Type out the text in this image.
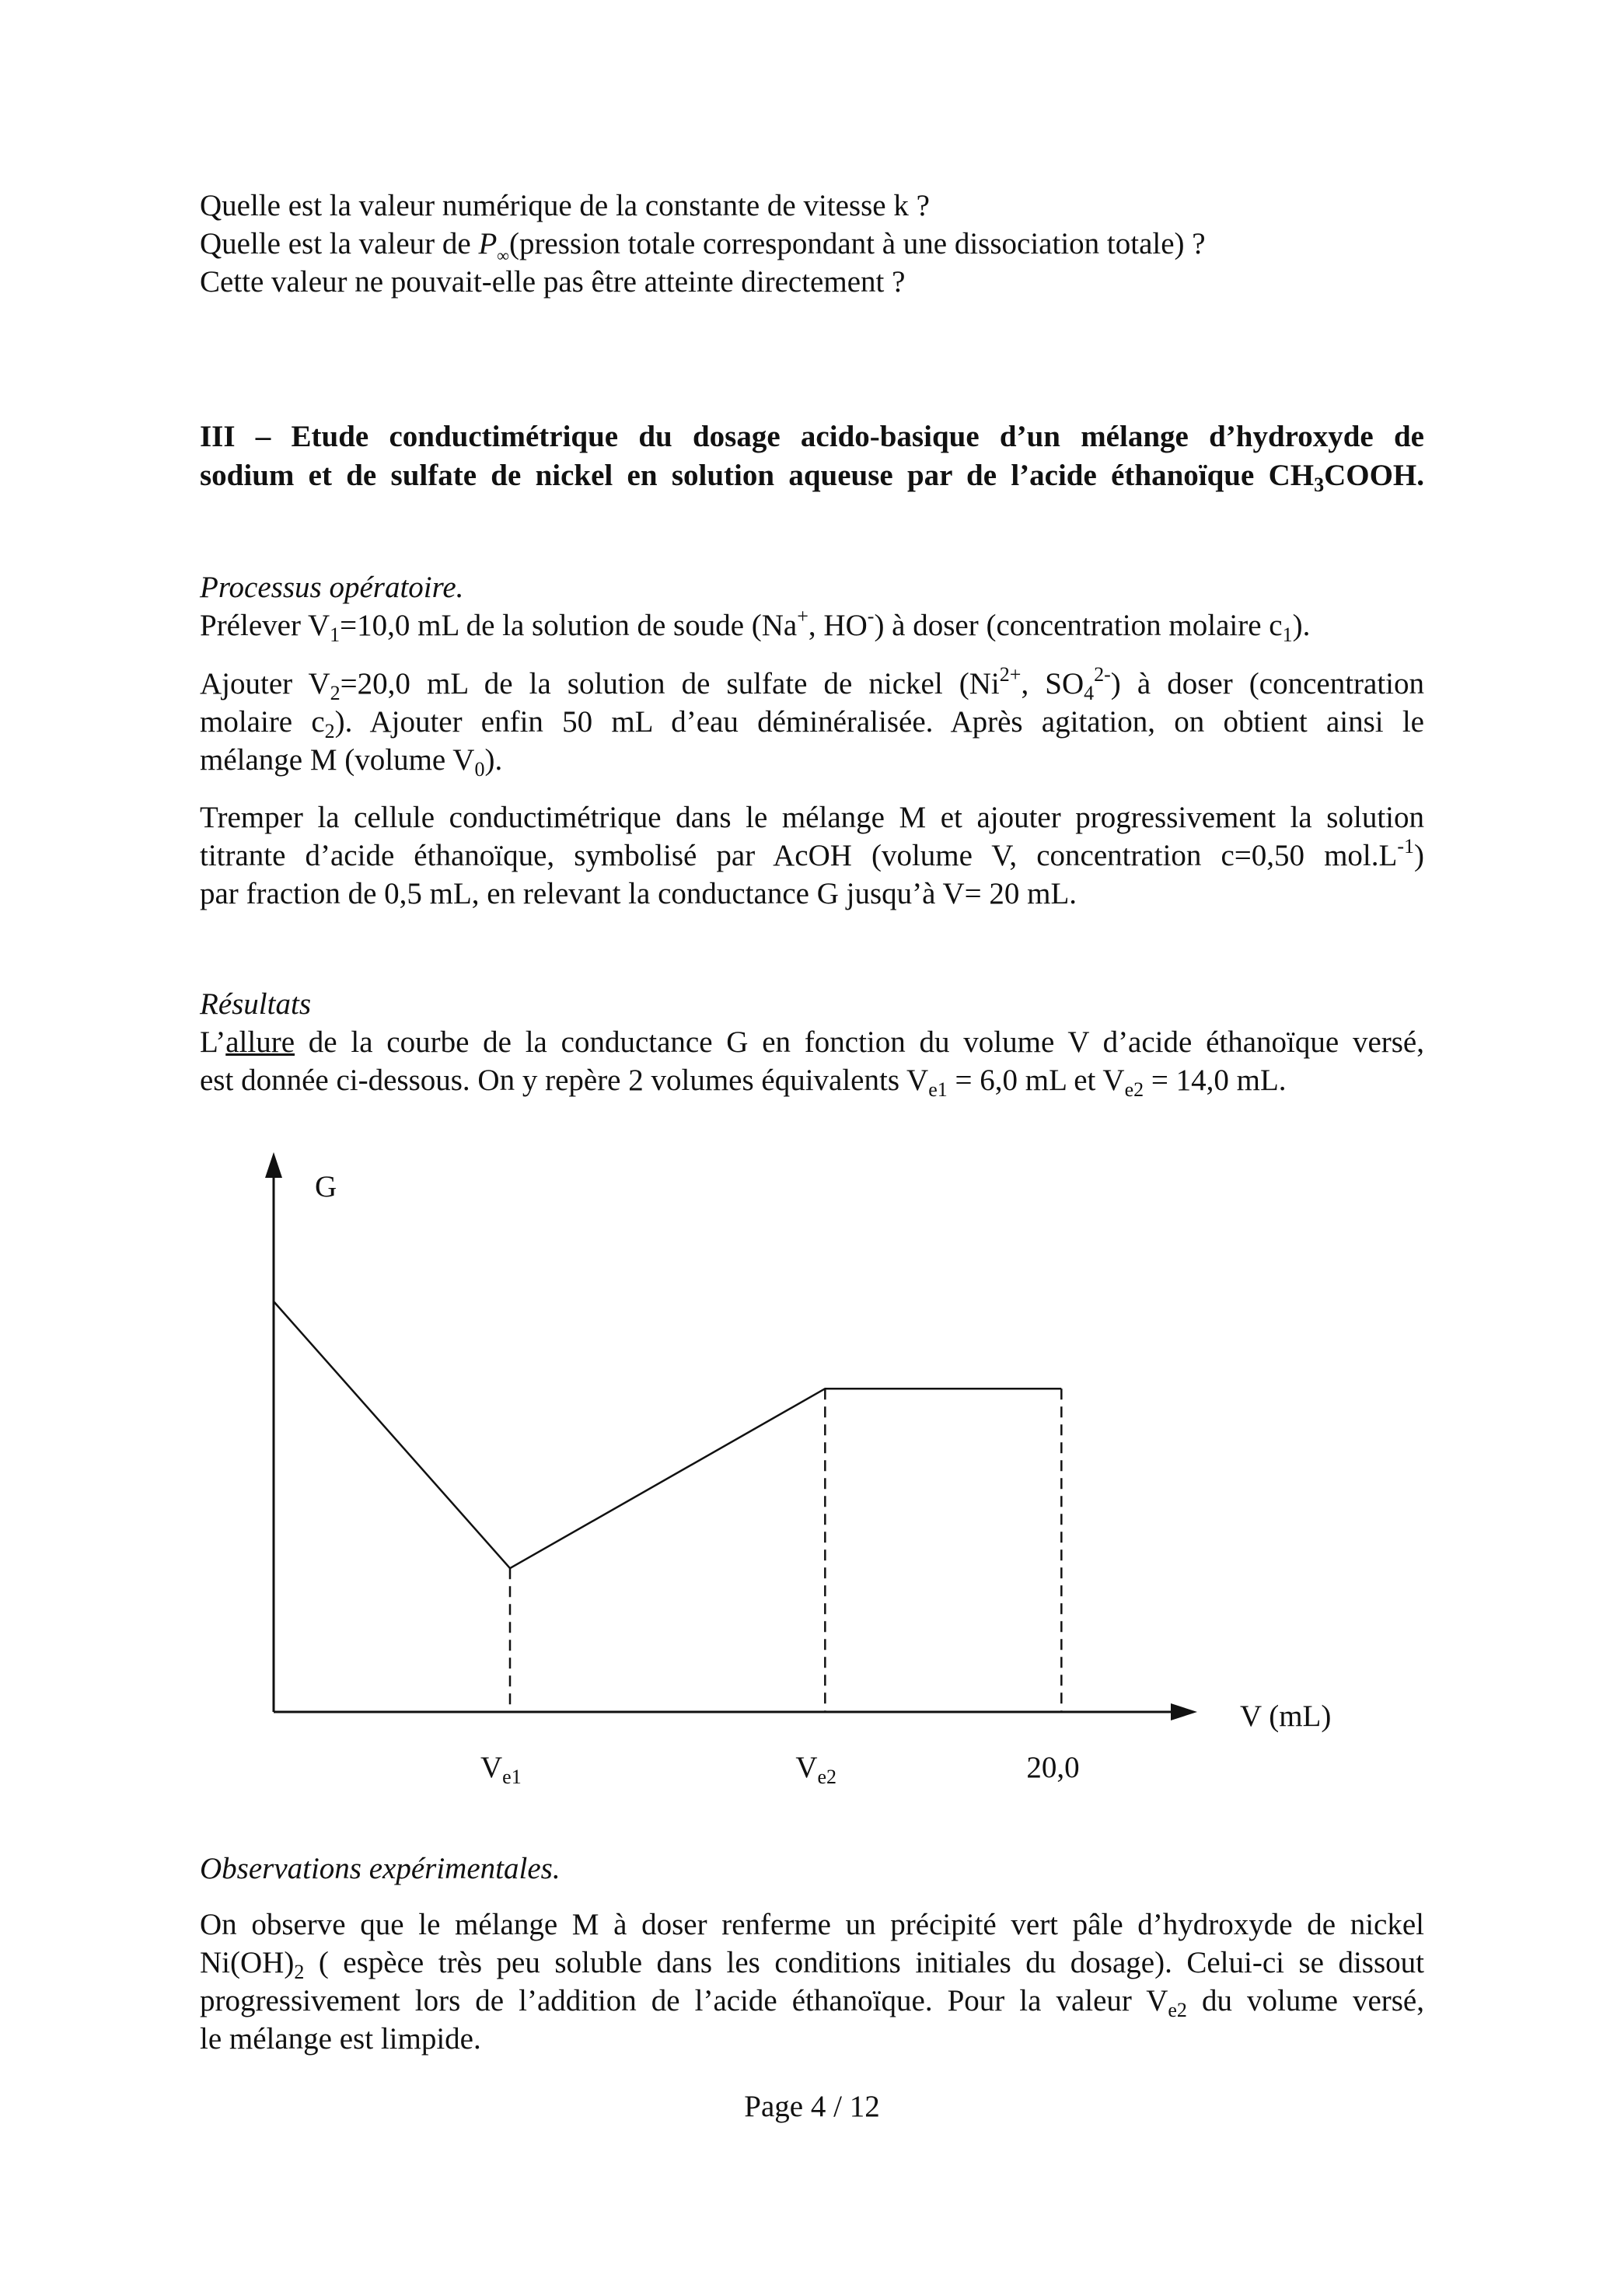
Quelle est la valeur numérique de la constante de vitesse k ?
Quelle est la valeur de $P_\infty(pression$ totale correspondant à une dissociation totale) ?
Cette valeur ne pouvait-elle pas être atteinte directement ?
III – Etude conductimétrique du dosage acido-basique d’un mélange d’hydroxyde de
sodium et de sulfate de nickel en solution aqueuse par de l’acide éthanoïque $CH_3COOH$.
Processus opératoire.
Prélever $V_1=10,0$ mL de la solution de soude (Na+, HO-) à doser (concentration molaire $c_1$).
Ajouter $V_2=20,0$ mL de la solution de sulfate de nickel ($Ni^{2+}$, $SO_4^{2-}$) à doser (concentration
molaire $c_2$). Ajouter enfin 50 mL d’eau déminéralisée. Après agitation, on obtient ainsi le
mélange M (volume $V_0$).
Tremper la cellule conductimétrique dans le mélange M et ajouter progressivement la solution
titrante d’acide éthanoïque, symbolisé par AcOH (volume V, concentration c=0,50 $mol.L^{-1}$)
par fraction de 0,5 mL, en relevant la conductance G jusqu’à V= 20 mL.
Résultats
L’allure de la courbe de la conductance G en fonction du volume V d’acide éthanoïque versé,
est donnée ci-dessous. On y repère 2 volumes équivalents $V_{e1} = 6,0$ mL et $V_{e2} = 14,0$ mL.
G
V (mL)
$V_{e1}$	$V_{e2}$	20,0
Observations expérimentales.
On observe que le mélange M à doser renferme un précipité vert pâle d’hydroxyde de nickel
$Ni(OH)_2$ ( espèce très peu soluble dans les conditions initiales du dosage). Celui-ci se dissout
progressivement lors de l’addition de l’acide éthanoïque. Pour la valeur $V_{e2}$ du volume versé,
le mélange est limpide.
Page 4 / 12
